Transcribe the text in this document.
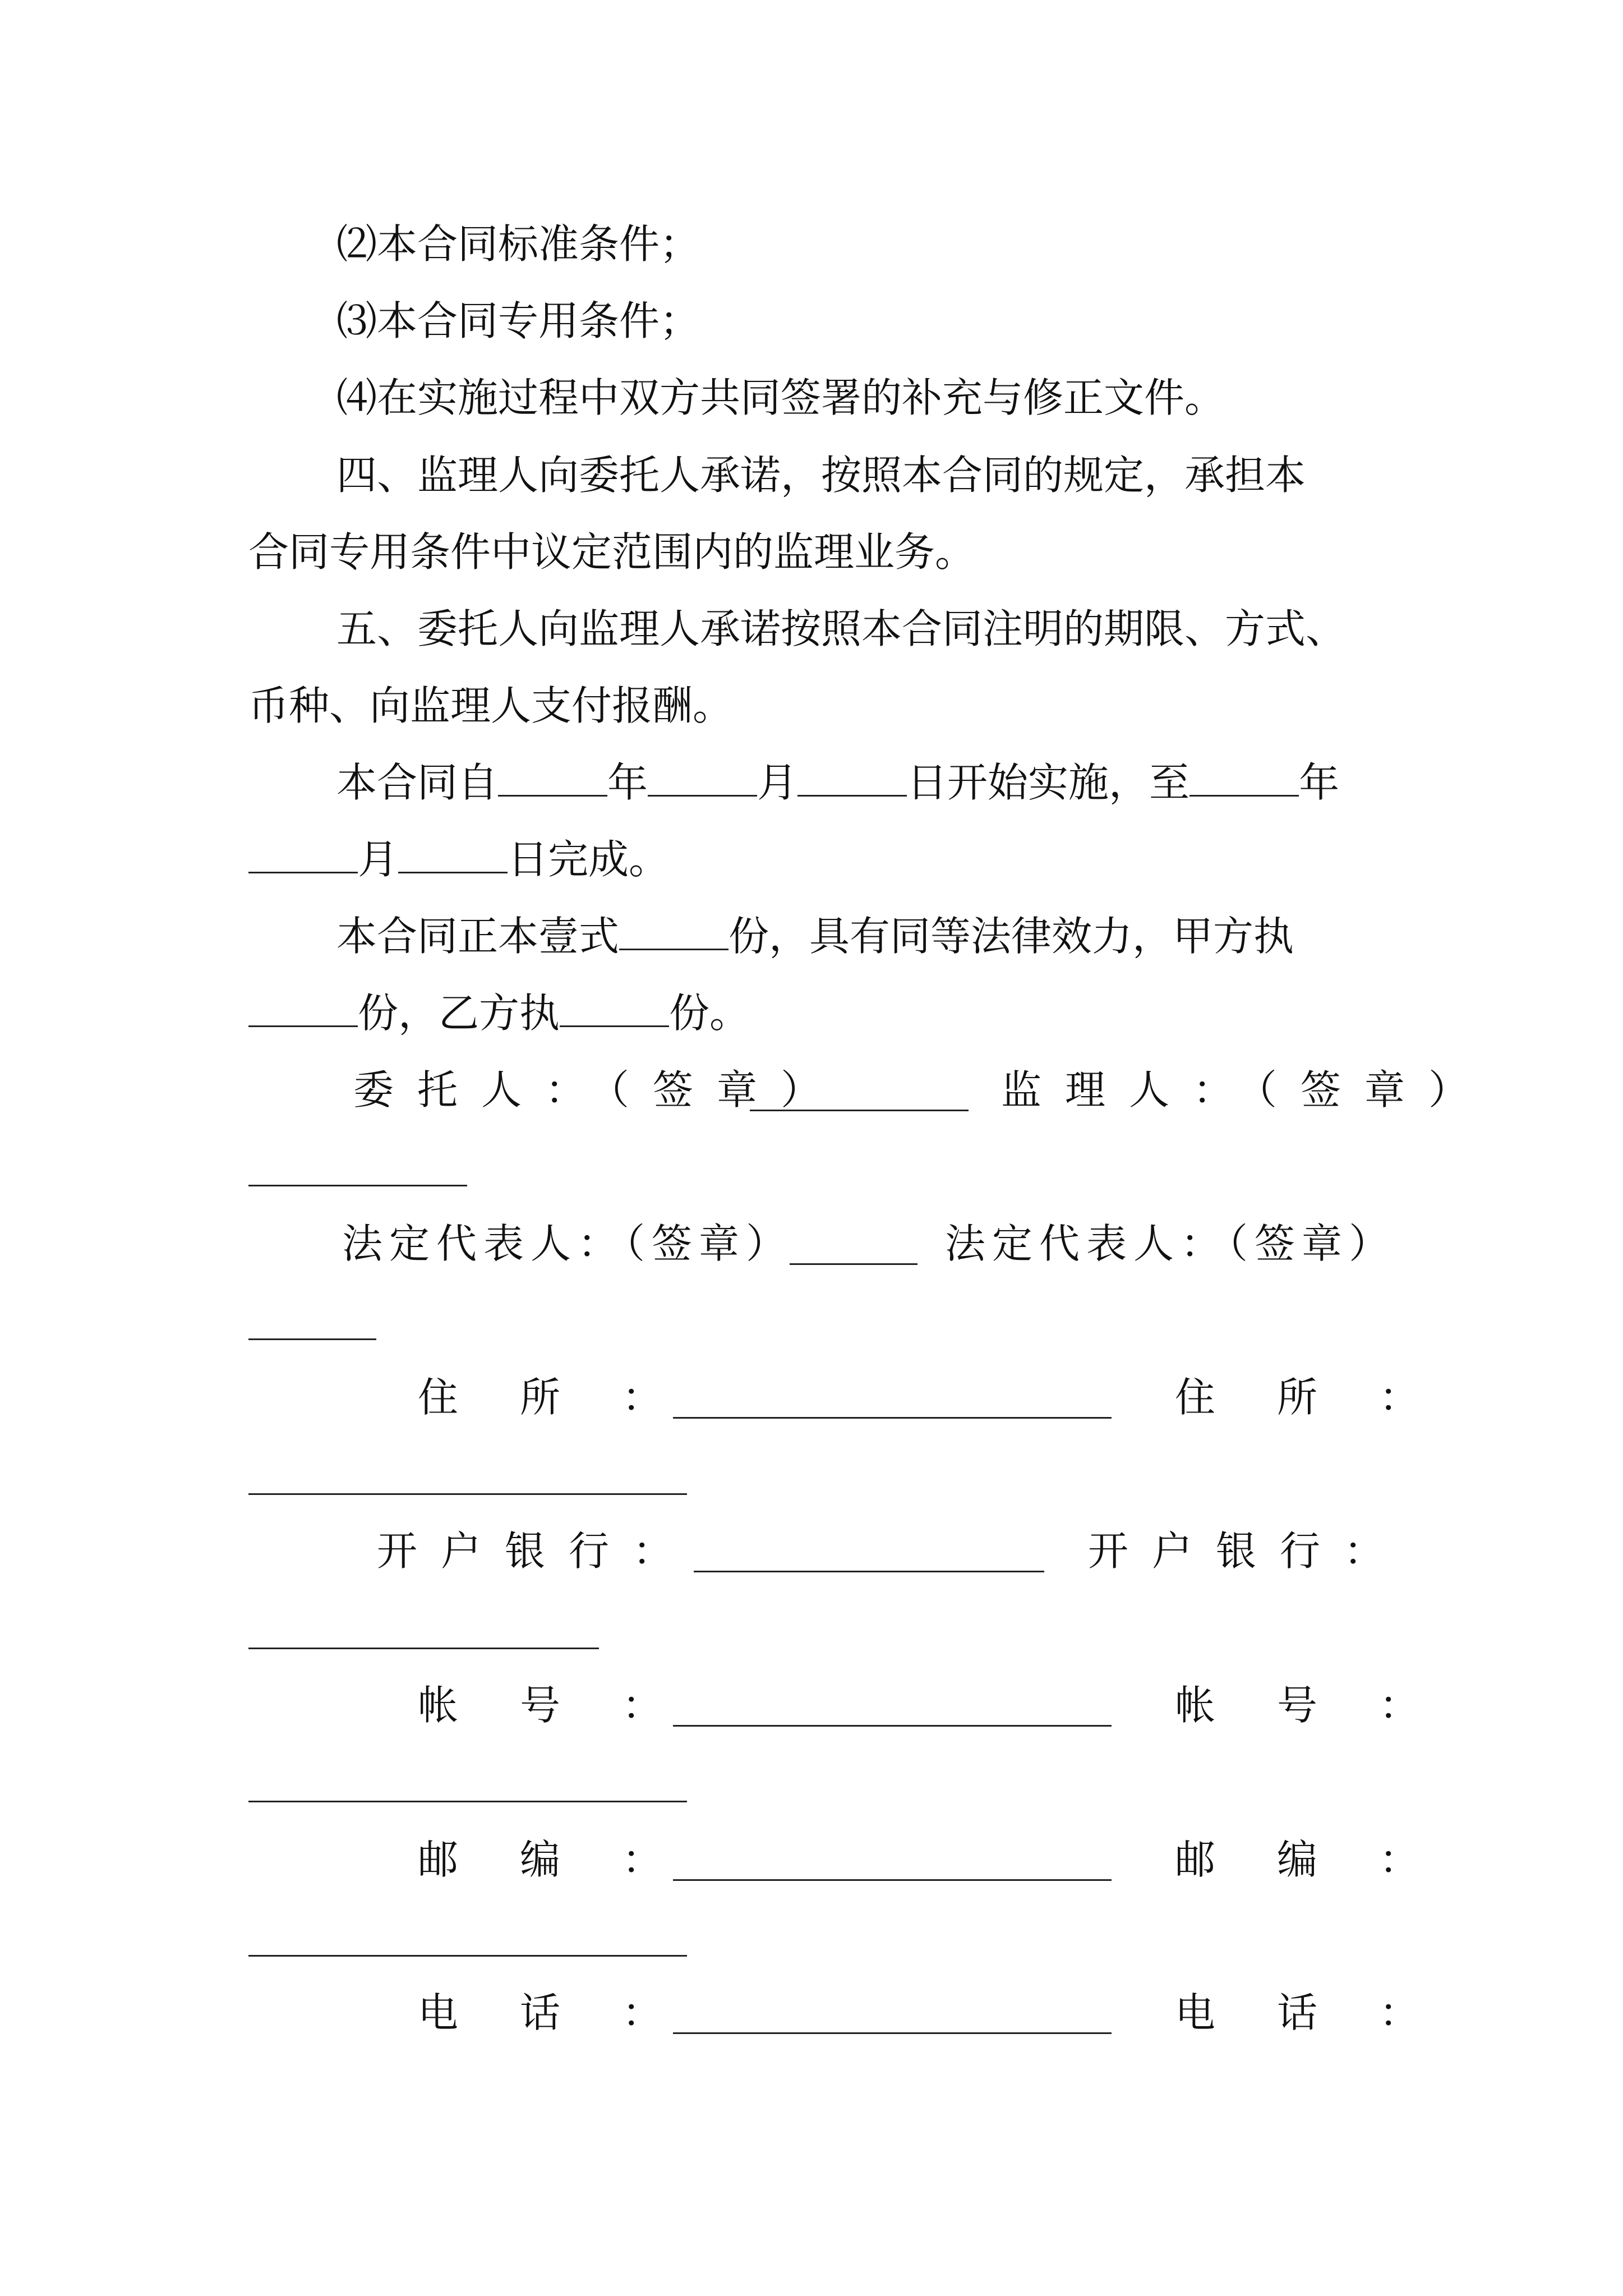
⑵本合同标准条件；
⑶本合同专用条件；
⑷在实施过程中双方共同签署的补充与修正文件。
四、监理人向委托人承诺，按照本合同的规定，承担本
合同专用条件中议定范围内的监理业务。
五、委托人向监理人承诺按照本合同注明的期限、方式、
币种、向监理人支付报酬。
本合同自	年	月	日开始实施，至	年
月	日完成。
本合同正本壹式	份，具有同等法律效力，甲方执
份，乙方执	份。
委托人：（签章）	监理人：（签章）
法定代表人：（签章）	法定代表人：（签章）
住所：	住所：
开户银行：	开户银行：
帐号：	帐号：
邮编：	邮编：
电话：	电话：
